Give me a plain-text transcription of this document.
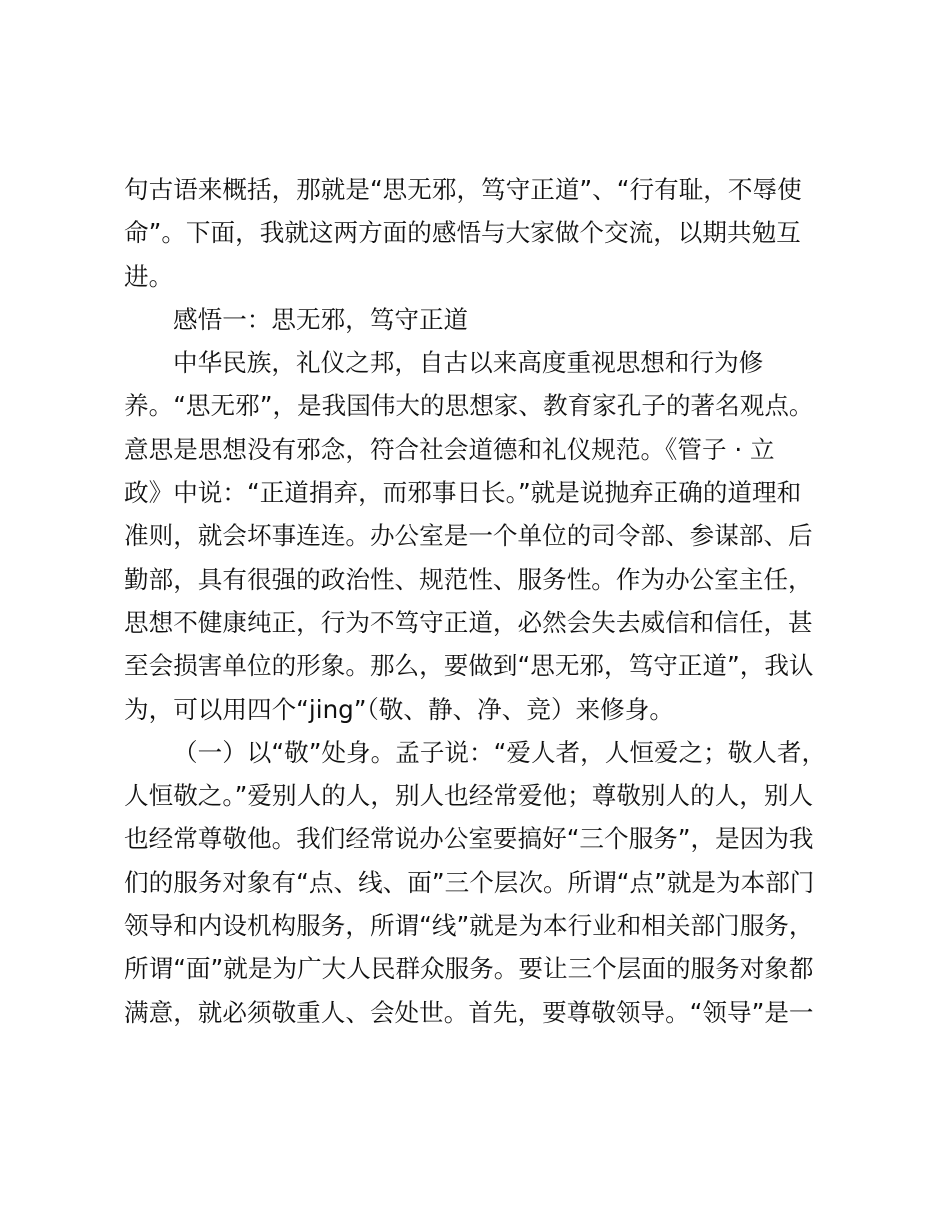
句古语来概括，那就是“思无邪，笃守正道”、“行有耻，不辱使
命”。下面，我就这两方面的感悟与大家做个交流，以期共勉互
进。
感悟一：思无邪，笃守正道
中华民族，礼仪之邦，自古以来高度重视思想和行为修
养。“思无邪”，是我国伟大的思想家、教育家孔子的著名观点。
意思是思想没有邪念，符合社会道德和礼仪规范。《管子 · 立
政》中说：“正道捐弃，而邪事日长。”就是说抛弃正确的道理和
准则，就会坏事连连。办公室是一个单位的司令部、参谋部、后
勤部，具有很强的政治性、规范性、服务性。作为办公室主任，
思想不健康纯正，行为不笃守正道，必然会失去威信和信任，甚
至会损害单位的形象。那么，要做到“思无邪，笃守正道”，我认
为，可以用四个“jing”（敬、静、净、竞）来修身。
（一）以“敬”处身。孟子说：“爱人者，人恒爱之；敬人者，
人恒敬之。”爱别人的人，别人也经常爱他；尊敬别人的人，别人
也经常尊敬他。我们经常说办公室要搞好“三个服务”，是因为我
们的服务对象有“点、线、面”三个层次。所谓“点”就是为本部门
领导和内设机构服务，所谓“线”就是为本行业和相关部门服务，
所谓“面”就是为广大人民群众服务。要让三个层面的服务对象都
满意，就必须敬重人、会处世。首先，要尊敬领导。“领导”是一
